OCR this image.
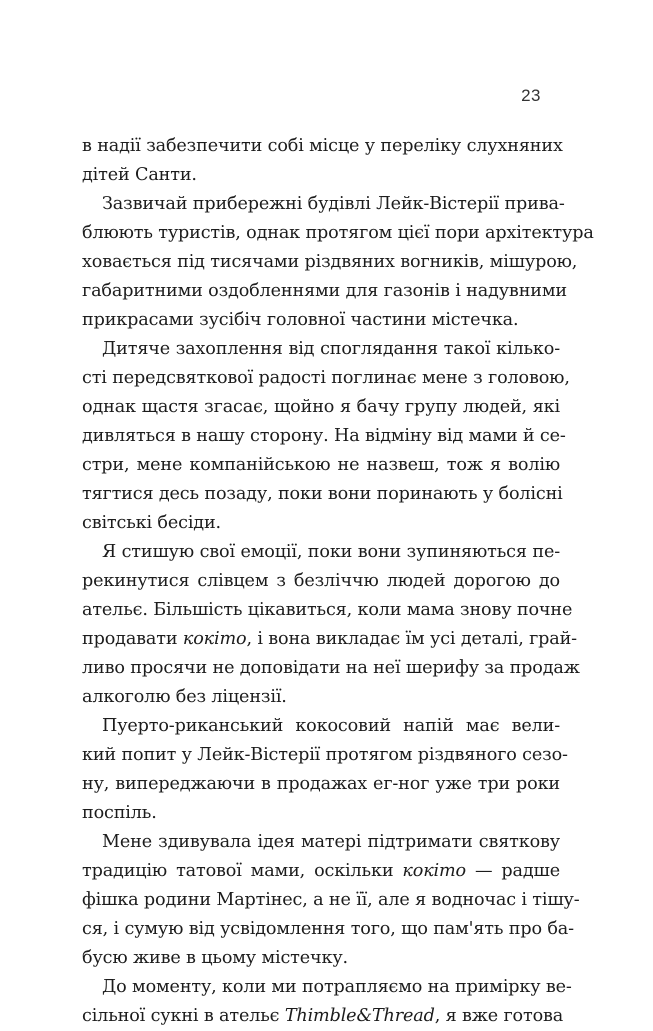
23
в надії забезпечити собі місце у переліку слухняних
дітей Санти.
Зазвичай прибережні будівлі Лейк-Вістерії прива-
блюють туристів, однак протягом цієї пори архітектура
ховається під тисячами різдвяних вогників, мішурою,
габаритними оздобленнями для газонів і надувними
прикрасами зусібіч головної частини містечка.
Дитяче захоплення від споглядання такої кілько-
сті передсвяткової радості поглинає мене з головою,
однак щастя згасає, щойно я бачу групу людей, які
дивляться в нашу сторону. На відміну від мами й се-
стри, мене компанійською не назвеш, тож я волію
тягтися десь позаду, поки вони поринають у болісні
світські бесіди.
Я стишую свої емоції, поки вони зупиняються пе-
рекинутися слівцем з безліччю людей дорогою до
ательє. Більшість цікавиться, коли мама знову почне
продавати кокіто, і вона викладає їм усі деталі, грай-
ливо просячи не доповідати на неї шерифу за продаж
алкоголю без ліцензії.
Пуерто-риканський кокосовий напій має вели-
кий попит у Лейк-Вістерії протягом різдвяного сезо-
ну, випереджаючи в продажах ег-ног уже три роки
поспіль.
Мене здивувала ідея матері підтримати святкову
традицію татової мами, оскільки кокіто — радше
фішка родини Мартінес, а не її, але я водночас і тішу-
ся, і сумую від усвідомлення того, що пам'ять про ба-
бусю живе в цьому містечку.
До моменту, коли ми потрапляємо на примірку ве-
сільної сукні в ательє Thimble&Thread, я вже готова
